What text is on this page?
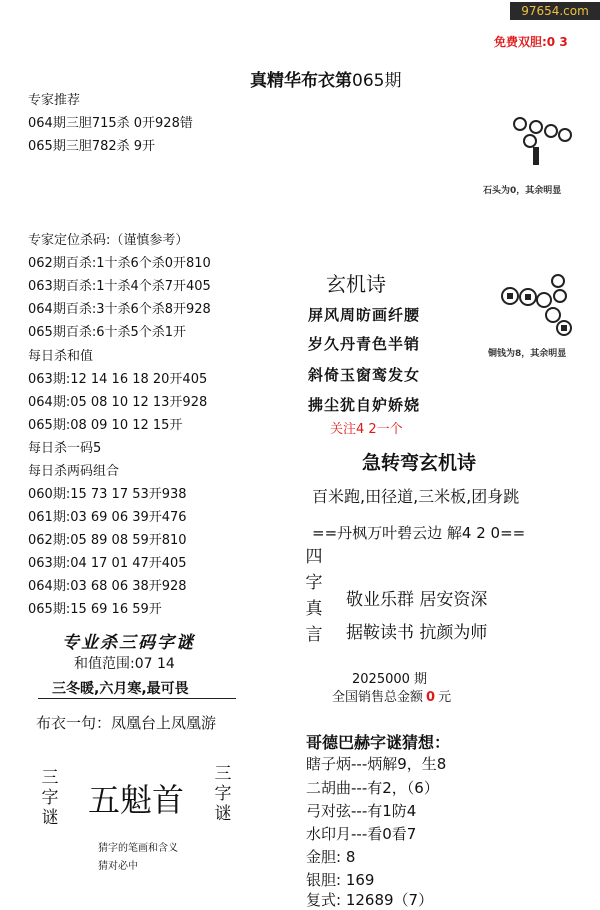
97654.com
免费双胆:0 3
真精华布衣第 065期
专家推荐
064期三胆715杀 0开928错
065期三胆782杀 9开
石头为0，其余明显
专家定位杀码:（谨慎参考）
062期百杀:1十杀6个杀0开810
063期百杀:1十杀4个杀7开405
064期百杀:3十杀6个杀8开928
065期百杀:6十杀5个杀1开
每日杀和值
063期:12 14 16 18 20开405
064期:05 08 10 12 13开928
065期:08 09 10 12 15开
每日杀一码5
每日杀两码组合
060期:15 73 17 53开938
061期:03 69 06 39开476
062期:05 89 08 59开810
063期:04 17 01 47开405
064期:03 68 06 38开928
065期:15 69 16 59开
专业杀三码字谜
和值范围:07 14
三冬暖,六月寒,最可畏
布衣一句：凤凰台上凤凰游
三字谜 五魁首
三字谜
猜字的笔画和含义
猜对必中
玄机诗
屏风周昉画纤腰
岁久丹青色半销
斜倚玉窗鸾发女
拂尘犹自妒娇娆
关注4 2一个
铜钱为8，其余明显
急转弯玄机诗
百米跑,田径道,三米板,团身跳
==丹枫万叶碧云边 解4 2 0==
四字真言
敬业乐群 居安资深
据鞍读书 抗颜为师
2025000 期
全国销售总金额 0 元
哥德巴赫字谜猜想：
瞎子炳---炳解9，生8
二胡曲---有2，（6）
弓对弦---有1防4
水印月---看0看7
金胆: 8
银胆: 169
复式: 12689（7）
